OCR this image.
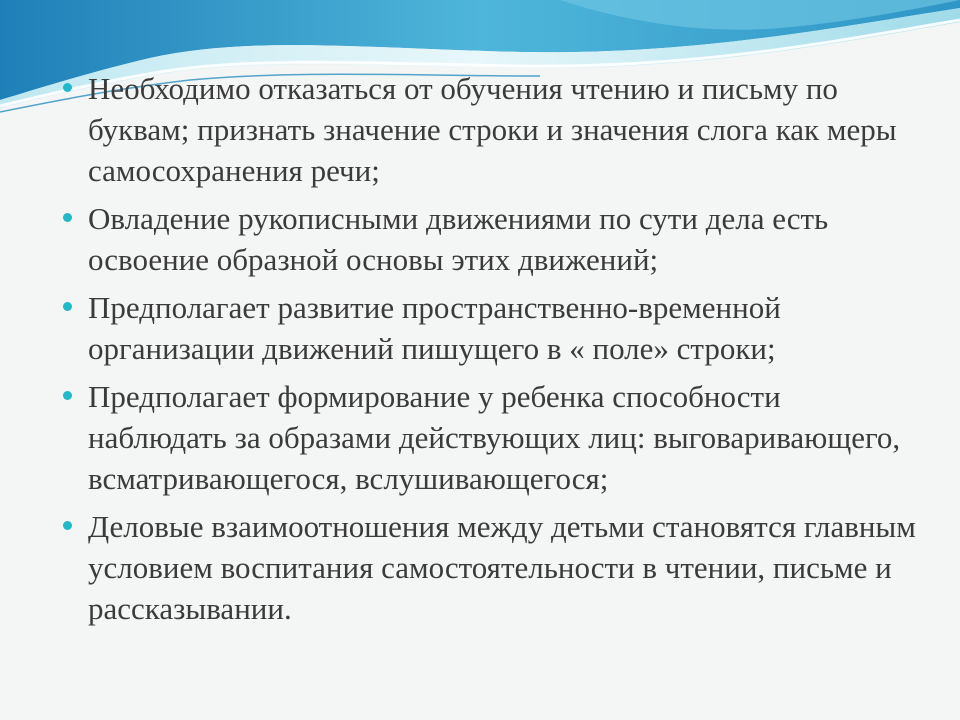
Необходимо отказаться от обучения чтению и письму по буквам; признать значение строки и значения слога как меры самосохранения речи;
Овладение рукописными движениями по сути дела есть освоение образной основы этих движений;
Предполагает развитие пространственно-временной организации движений пишущего в « поле» строки;
Предполагает формирование у ребенка способности наблюдать за образами действующих лиц: выговаривающего, всматривающегося, вслушивающегося;
Деловые взаимоотношения между детьми становятся главным условием воспитания самостоятельности в чтении, письме и рассказывании.
